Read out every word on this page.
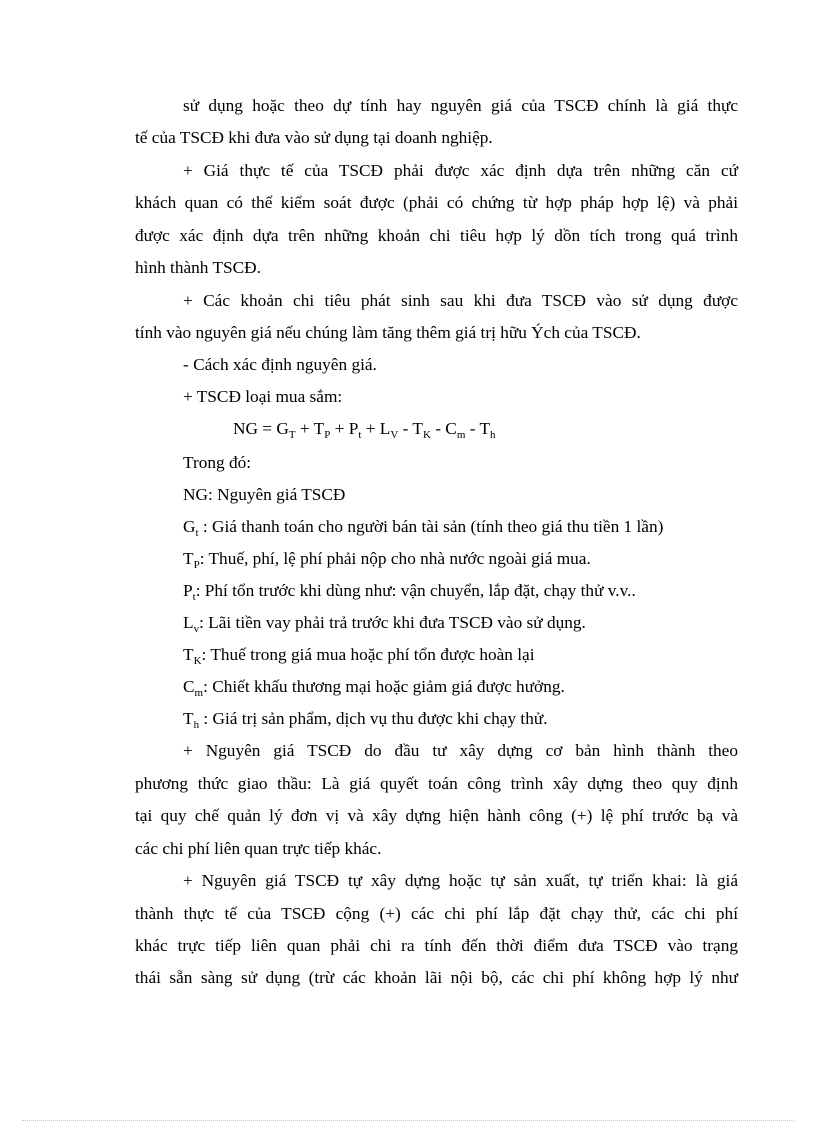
sử dụng hoặc theo dự tính hay nguyên giá của TSCĐ chính là giá thực
tế của TSCĐ khi đưa vào sử dụng tại doanh nghiệp.
+ Giá thực tế của TSCĐ phải được xác định dựa trên những căn cứ
khách quan có thể kiểm soát được (phải có chứng từ hợp pháp hợp lệ) và phải
được xác định dựa trên những khoản chi tiêu hợp lý dồn tích trong quá trình
hình thành TSCĐ.
+ Các khoản chi tiêu phát sinh sau khi đưa TSCĐ vào sử dụng được
tính vào nguyên giá nếu chúng làm tăng thêm giá trị hữu Ých của TSCĐ.
- Cách xác định nguyên giá.
+ TSCĐ loại mua sắm:
NG = $G_T + T_P + P_t + L_V - T_K - C_m - T_h$
Trong đó:
NG: Nguyên giá TSCĐ
$G_t$ : Giá thanh toán cho người bán tài sản (tính theo giá thu tiền 1 lần)
$T_P$: Thuế, phí, lệ phí phải nộp cho nhà nước ngoài giá mua.
$P_t$: Phí tổn trước khi dùng như: vận chuyển, lắp đặt, chạy thử v.v..
$L_v$: Lãi tiền vay phải trả trước khi đưa TSCĐ vào sử dụng.
$T_K$: Thuế trong giá mua hoặc phí tổn được hoàn lại
$C_m$: Chiết khấu thương mại hoặc giảm giá được hưởng.
$T_h$ : Giá trị sản phẩm, dịch vụ thu được khi chạy thử.
+ Nguyên giá TSCĐ do đầu tư xây dựng cơ bản hình thành theo
phương thức giao thầu: Là giá quyết toán công trình xây dựng theo quy định
tại quy chế quản lý đơn vị và xây dựng hiện hành công (+) lệ phí trước bạ và
các chi phí liên quan trực tiếp khác.
+ Nguyên giá TSCĐ tự xây dựng hoặc tự sản xuất, tự triển khai: là giá
thành thực tế của TSCĐ cộng (+) các chi phí lắp đặt chạy thử, các chi phí
khác trực tiếp liên quan phải chi ra tính đến thời điểm đưa TSCĐ vào trạng
thái sẵn sàng sử dụng (trừ các khoản lãi nội bộ, các chi phí không hợp lý như
